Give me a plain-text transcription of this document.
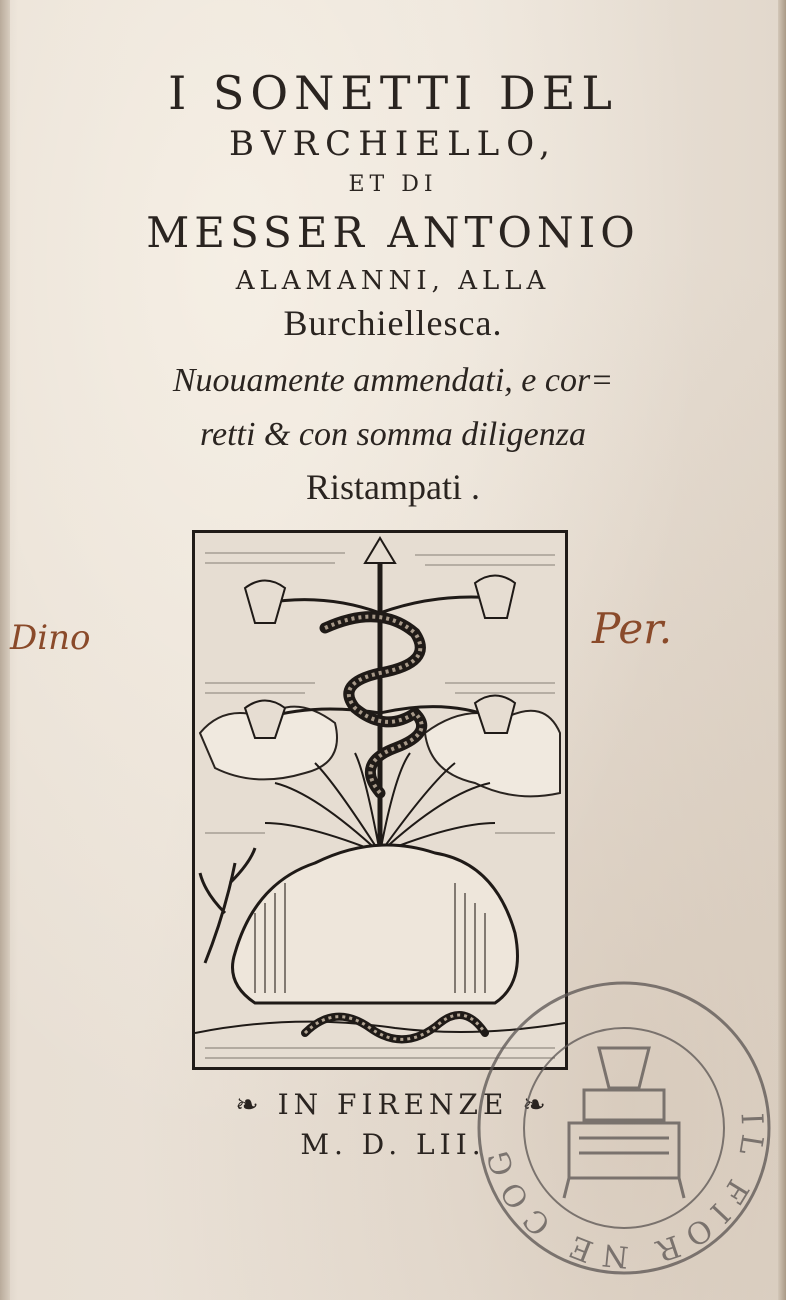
I SONETTI DEL
BVRCHIELLO,
ET DI
MESSER ANTONIO
ALAMANNI, ALLA
Burchiellesca.
Nuouamente ammendati, e cor=
retti & con somma diligenza
Ristampati .
Dino	Per.
❧ IN FIRENZE ❧
M. D. LII.
IL FIOR NE COG
